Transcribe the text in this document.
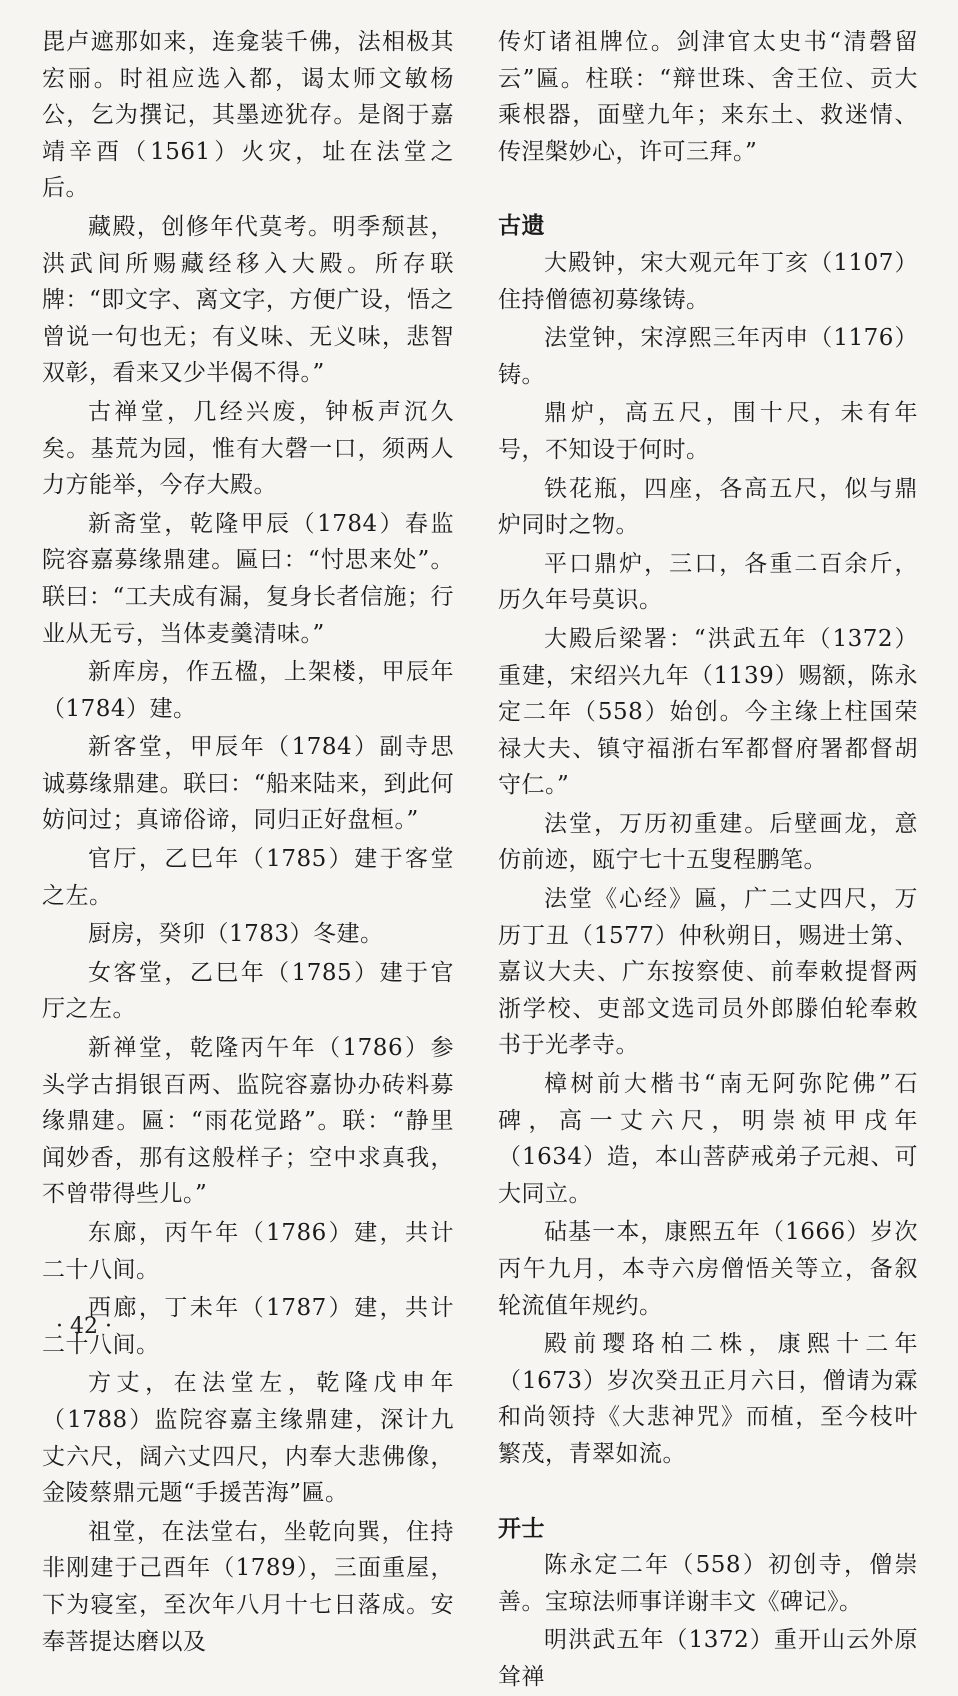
毘卢遮那如来，连龛装千佛，法相极其宏丽。时祖应选入都，谒太师文敏杨公，乞为撰记，其墨迹犹存。是阁于嘉靖辛酉（1561）火灾，址在法堂之后。

藏殿，创修年代莫考。明季颓甚，洪武间所赐藏经移入大殿。所存联牌：“即文字、离文字，方便广设，悟之曾说一句也无；有义味、无义味，悲智双彰，看来又少半偈不得。”

古禅堂，几经兴废，钟板声沉久矣。基荒为园，惟有大磬一口，须两人力方能举，今存大殿。

新斋堂，乾隆甲辰（1784）春监院容嘉募缘鼎建。匾曰：“忖思来处”。联曰：“工夫成有漏，复身长者信施；行业从无亏，当体麦羹清味。”

新库房，作五楹，上架楼，甲辰年（1784）建。

新客堂，甲辰年（1784）副寺思诚募缘鼎建。联曰：“船来陆来，到此何妨问过；真谛俗谛，同归正好盘桓。”

官厅，乙巳年（1785）建于客堂之左。

厨房，癸卯（1783）冬建。

女客堂，乙巳年（1785）建于官厅之左。

新禅堂，乾隆丙午年（1786）参头学古捐银百两、监院容嘉协办砖料募缘鼎建。匾：“雨花觉路”。联：“静里闻妙香，那有这般样子；空中求真我，不曾带得些儿。”

东廊，丙午年（1786）建，共计二十八间。

西廊，丁未年（1787）建，共计二十八间。

方丈，在法堂左，乾隆戊申年（1788）监院容嘉主缘鼎建，深计九丈六尺，阔六丈四尺，内奉大悲佛像，金陵蔡鼎元题“手援苦海”匾。

祖堂，在法堂右，坐乾向巽，住持非刚建于己酉年（1789），三面重屋，下为寝室，至次年八月十七日落成。安奉菩提达磨以及

传灯诸祖牌位。剑津官太史书“清磬留云”匾。柱联：“辩世珠、舍王位、贡大乘根器，面壁九年；来东土、救迷情、传涅槃妙心，许可三拜。”

古遗

大殿钟，宋大观元年丁亥（1107）住持僧德初募缘铸。

法堂钟，宋淳熙三年丙申（1176）铸。

鼎炉，高五尺，围十尺，未有年号，不知设于何时。

铁花瓶，四座，各高五尺，似与鼎炉同时之物。

平口鼎炉，三口，各重二百余斤，历久年号莫识。

大殿后梁署：“洪武五年（1372）重建，宋绍兴九年（1139）赐额，陈永定二年（558）始创。今主缘上柱国荣禄大夫、镇守福浙右军都督府署都督胡守仁。”

法堂，万历初重建。后壁画龙，意仿前迹，瓯宁七十五叟程鹏笔。

法堂《心经》匾，广二丈四尺，万历丁丑（1577）仲秋朔日，赐进士第、嘉议大夫、广东按察使、前奉敕提督两浙学校、吏部文选司员外郎滕伯轮奉敕书于光孝寺。

樟树前大楷书“南无阿弥陀佛”石碑，高一丈六尺，明崇祯甲戌年（1634）造，本山菩萨戒弟子元昶、可大同立。

砧基一本，康熙五年（1666）岁次丙午九月，本寺六房僧悟关等立，备叙轮流值年规约。

殿前璎珞柏二株，康熙十二年（1673）岁次癸丑正月六日，僧请为霖和尚领持《大悲神咒》而植，至今枝叶繁茂，青翠如流。

开士

陈永定二年（558）初创寺，僧崇善。宝琼法师事详谢丰文《碑记》。

明洪武五年（1372）重开山云外原耸禅

· 42 ·
